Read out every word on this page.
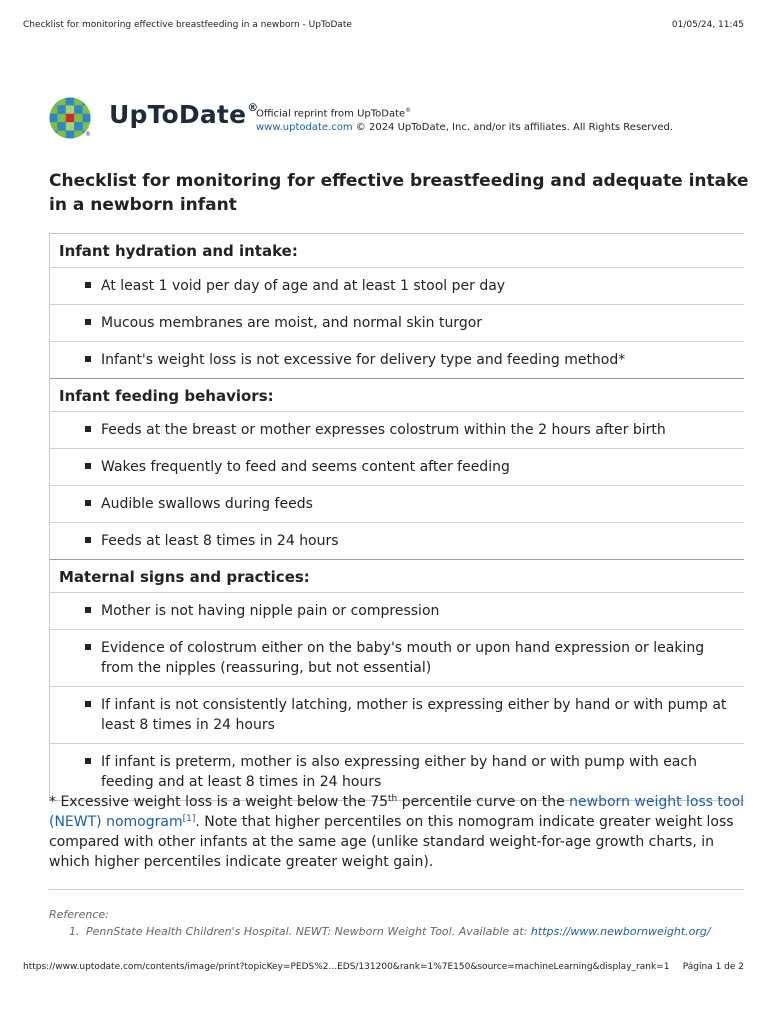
Checklist for monitoring effective breastfeeding in a newborn - UpToDate	01/05/24, 11:45
®
UpToDate®
Official reprint from UpToDate®
www.uptodate.com © 2024 UpToDate, Inc. and/or its affiliates. All Rights Reserved.
Checklist for monitoring for effective breastfeeding and adequate intake in a newborn infant
Infant hydration and intake:
At least 1 void per day of age and at least 1 stool per day
Mucous membranes are moist, and normal skin turgor
Infant's weight loss is not excessive for delivery type and feeding method*
Infant feeding behaviors:
Feeds at the breast or mother expresses colostrum within the 2 hours after birth
Wakes frequently to feed and seems content after feeding
Audible swallows during feeds
Feeds at least 8 times in 24 hours
Maternal signs and practices:
Mother is not having nipple pain or compression
Evidence of colostrum either on the baby's mouth or upon hand expression or leaking from the nipples (reassuring, but not essential)
If infant is not consistently latching, mother is expressing either by hand or with pump at least 8 times in 24 hours
If infant is preterm, mother is also expressing either by hand or with pump with each feeding and at least 8 times in 24 hours

* Excessive weight loss is a weight below the 75th percentile curve on the newborn weight loss tool (NEWT) nomogram[1]. Note that higher percentiles on this nomogram indicate greater weight loss compared with other infants at the same age (unlike standard weight-for-age growth charts, in which higher percentiles indicate greater weight gain).

Reference:
1. PennState Health Children's Hospital. NEWT: Newborn Weight Tool. Available at: https://www.newbornweight.org/
https://www.uptodate.com/contents/image/print?topicKey=PEDS%2...EDS/131200&rank=1%7E150&source=machineLearning&display_rank=1 Página 1 de 2
